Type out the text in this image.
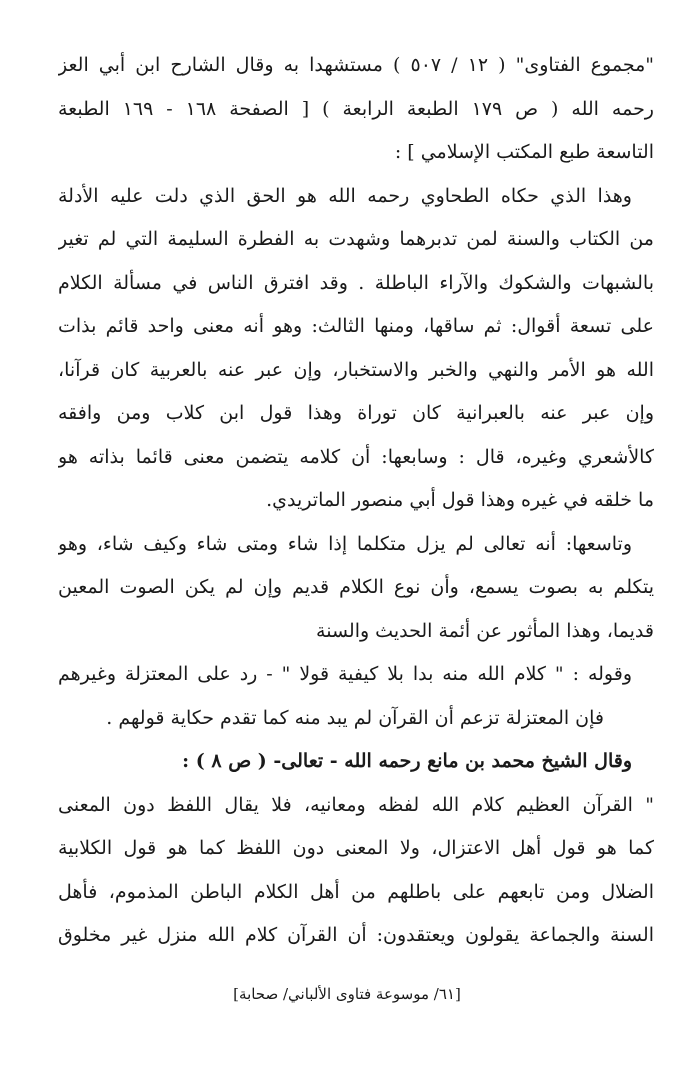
"مجموع الفتاوى" ( ١٢ / ٥٠٧ ) مستشهدا به وقال الشارح ابن أبي العز
رحمه الله ( ص ١٧٩ الطبعة الرابعة ) [ الصفحة ١٦٨ - ١٦٩ الطبعة
التاسعة طبع المكتب الإسلامي ] :
وهذا الذي حكاه الطحاوي رحمه الله هو الحق الذي دلت عليه الأدلة
من الكتاب والسنة لمن تدبرهما وشهدت به الفطرة السليمة التي لم تغير
بالشبهات والشكوك والآراء الباطلة . وقد افترق الناس في مسألة الكلام
على تسعة أقوال: ثم ساقها، ومنها الثالث: وهو أنه معنى واحد قائم بذات
الله هو الأمر والنهي والخبر والاستخبار، وإن عبر عنه بالعربية كان قرآنا،
وإن عبر عنه بالعبرانية كان توراة وهذا قول ابن كلاب ومن وافقه
كالأشعري وغيره، قال : وسابعها: أن كلامه يتضمن معنى قائما بذاته هو
ما خلقه في غيره وهذا قول أبي منصور الماتريدي.
وتاسعها: أنه تعالى لم يزل متكلما إذا شاء ومتى شاء وكيف شاء، وهو
يتكلم به بصوت يسمع، وأن نوع الكلام قديم وإن لم يكن الصوت المعين
قديما، وهذا المأثور عن أئمة الحديث والسنة
وقوله : " كلام الله منه بدا بلا كيفية قولا " - رد على المعتزلة وغيرهم
فإن المعتزلة تزعم أن القرآن لم يبد منه كما تقدم حكاية قولهم .
وقال الشيخ محمد بن مانع رحمه الله - تعالى- ( ص ٨ ) :
" القرآن العظيم كلام الله لفظه ومعانيه، فلا يقال اللفظ دون المعنى
كما هو قول أهل الاعتزال، ولا المعنى دون اللفظ كما هو قول الكلابية
الضلال ومن تابعهم على باطلهم من أهل الكلام الباطن المذموم، فأهل
السنة والجماعة يقولون ويعتقدون: أن القرآن كلام الله منزل غير مخلوق
[٦١/ موسوعة فتاوى الألباني/ صحابة]
